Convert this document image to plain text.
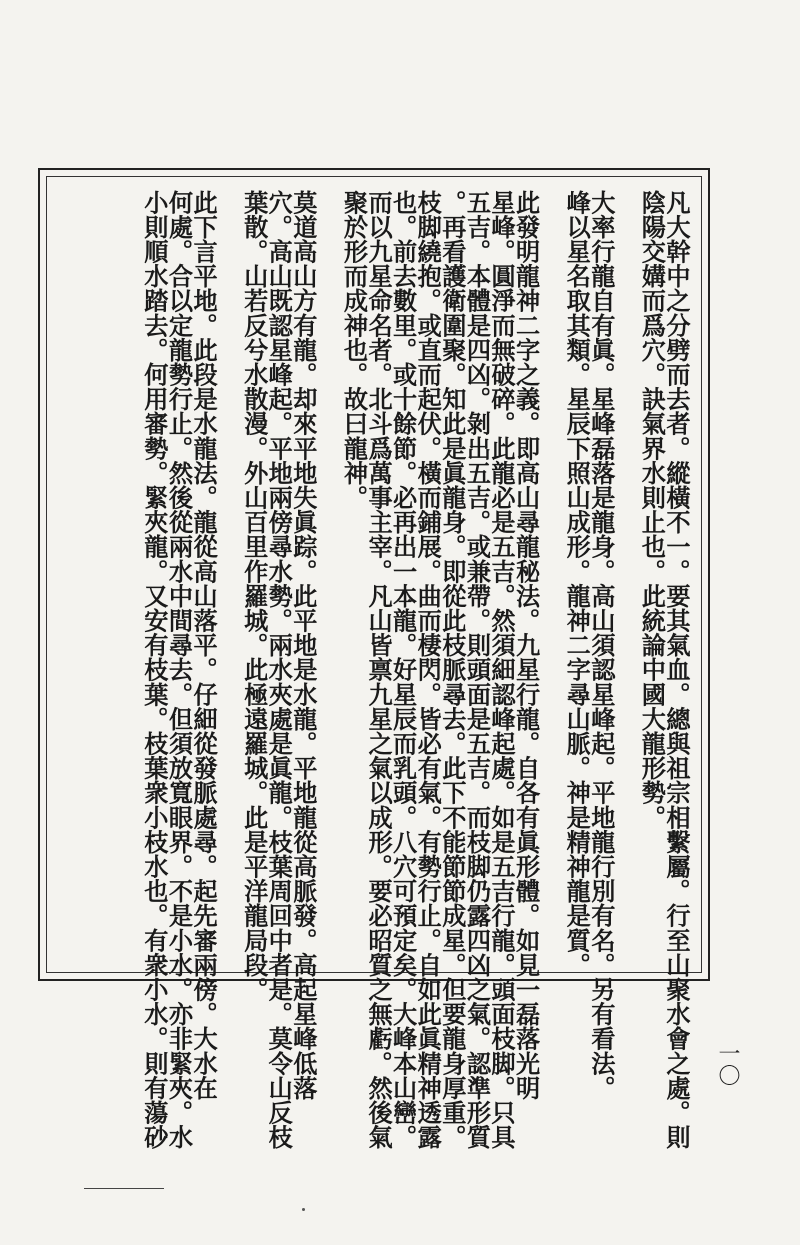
凡大幹中之分劈而去者。縱橫不一。要其氣血。總與祖宗相繫屬。行至山聚水會之處。則
陰陽交媾而爲穴。訣氣界水則止也。此統論中國大龍形勢。
大率行龍自有眞。星峰磊落是龍身。高山須認星峰起。平地龍行別有名。另有看法。
峰以星名取其類。星辰下照山成形。龍神二字尋山脈。神是精神龍是質。
此發明龍神二字之義。即高山尋龍秘法。九星行龍。自各有眞形體。如見一磊落光明
星峰。圓淨而無破碎。此龍必是五吉。然須細認峰起處。如是五吉行龍。頭面枝脚。只具
五吉。本體是四凶。剝出五吉。或兼帶。則頭面是五吉。而枝脚仍露四凶之氣。認準形質
。再看護衛圍聚。知此是眞龍身。即從此枝脈尋去。此下不能節節成星。但要龍身厚重。
枝脚繞抱。或直而起伏。橫而鋪展。曲而棲閃。皆必有氣。有勢行止。自如此眞精神透露
也。前去數里。或十餘節。必再出一本龍。好星辰而乳頭。八穴可預定矣。大峰本山巒。
而以九星命名者。北斗爲萬事主宰。凡山皆禀九星之氣以成形。要必昭質之無虧。然後氣
聚於形而成神也。故曰龍神。
莫道高山方有龍。却來平地失眞踪。此平地是水龍。平地龍從高脈發。高起星峰低落
穴。高山既認星峰起。平地兩傍尋水勢。兩水夾處是眞龍。枝葉周回中者是。莫令山反枝
葉散。山若反兮水散漫。外山百里作羅城。此極遠羅城。此是平洋龍局段。
此下言平地。此段是水龍法。龍從高山落平。仔細從發脈處尋。起先審兩傍。大水在
何處。合以定龍勢行止。然後從兩水中間尋去。但須放寬眼界。不是小水。亦非緊夾。水
小則順水踏去。何用審勢。緊夾龍。又安有枝葉。枝葉衆小枝水也。有衆小水。則有蕩砂	一〇
